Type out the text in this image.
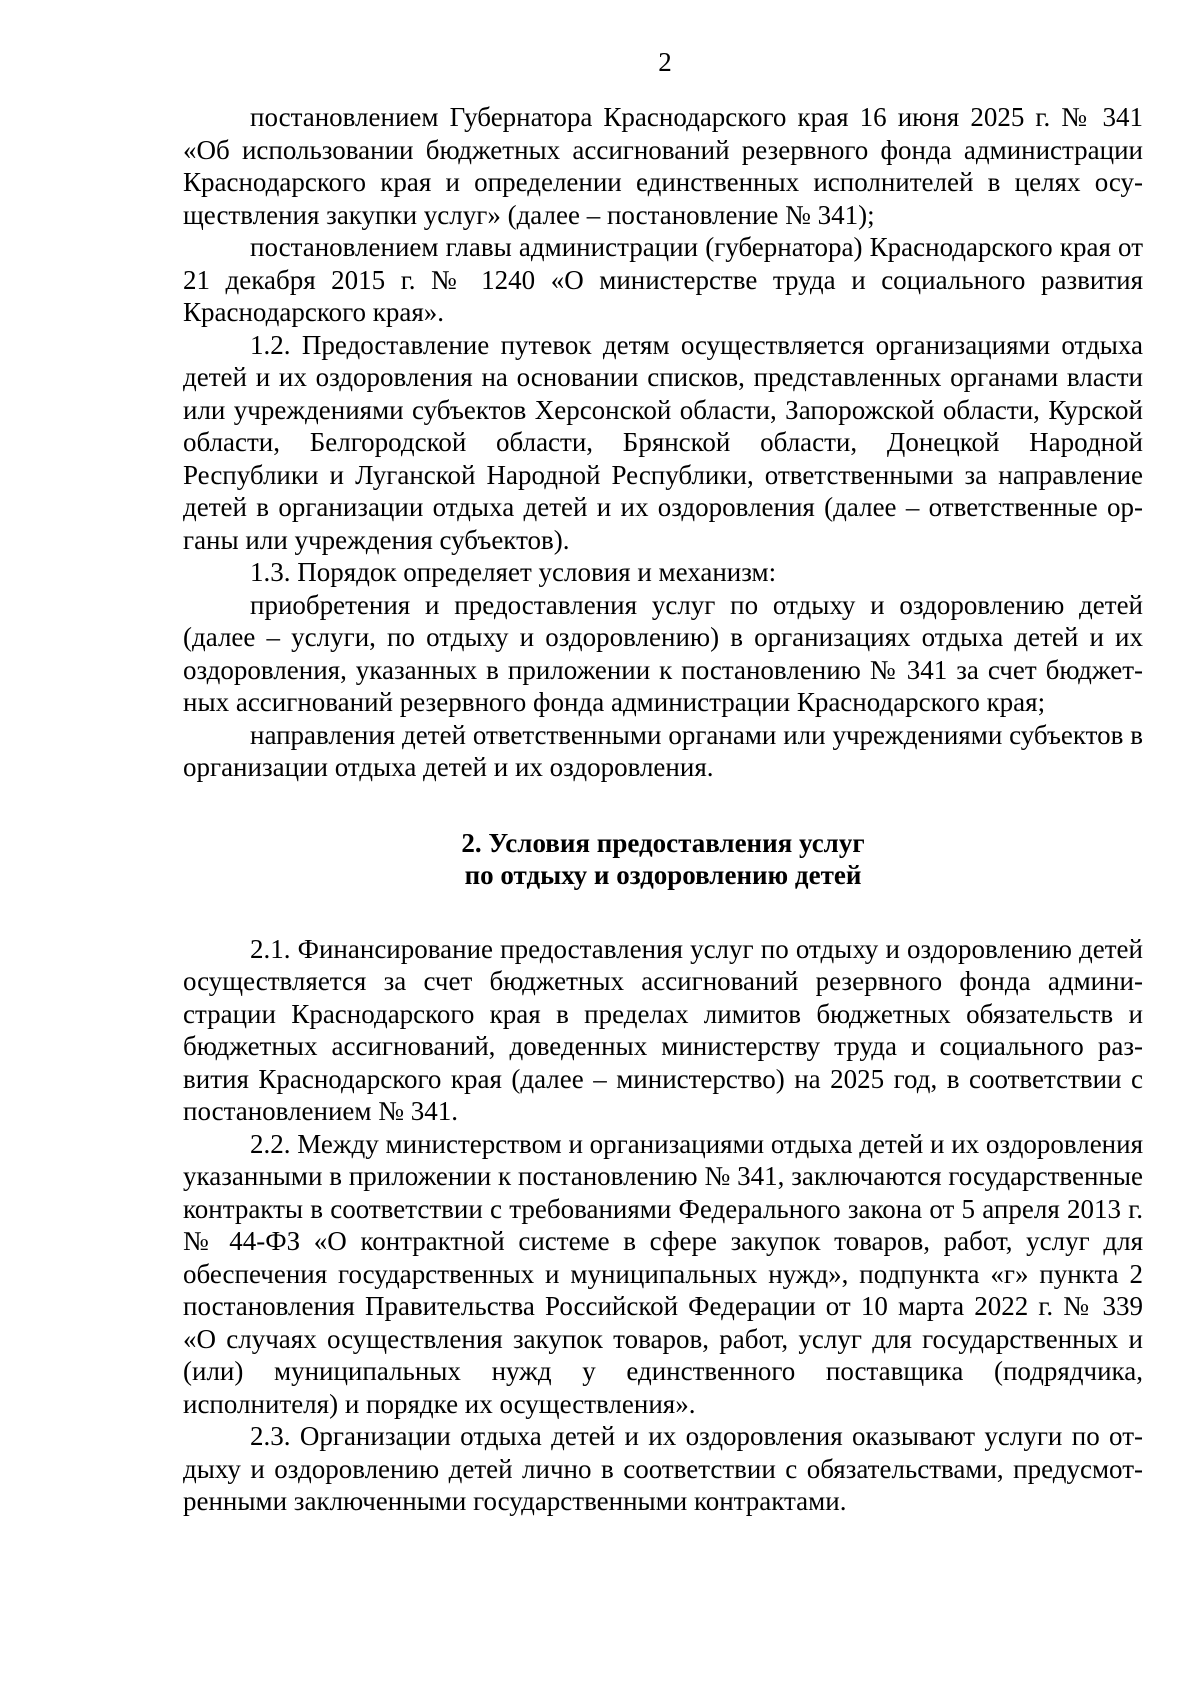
2

постановлением Губернатора Краснодарского края 16 июня 2025 г. № 341 «Об использовании бюджетных ассигнований резервного фонда администрации Краснодарского края и определении единственных исполнителей в целях осуществления закупки услуг» (далее – постановление № 341);

постановлением главы администрации (губернатора) Краснодарского края от 21 декабря 2015 г. № 1240 «О министерстве труда и социального развития Краснодарского края».

1.2. Предоставление путевок детям осуществляется организациями отдыха детей и их оздоровления на основании списков, представленных органами власти или учреждениями субъектов Херсонской области, Запорожской области, Курской области, Белгородской области, Брянской области, Донецкой Народной Республики и Луганской Народной Республики, ответственными за направление детей в организации отдыха детей и их оздоровления (далее – ответственные органы или учреждения субъектов).

1.3. Порядок определяет условия и механизм:

приобретения и предоставления услуг по отдыху и оздоровлению детей (далее – услуги, по отдыху и оздоровлению) в организациях отдыха детей и их оздоровления, указанных в приложении к постановлению № 341 за счет бюджетных ассигнований резервного фонда администрации Краснодарского края;

направления детей ответственными органами или учреждениями субъектов в организации отдыха детей и их оздоровления.

2. Условия предоставления услуг
по отдыху и оздоровлению детей

2.1. Финансирование предоставления услуг по отдыху и оздоровлению детей осуществляется за счет бюджетных ассигнований резервного фонда администрации Краснодарского края в пределах лимитов бюджетных обязательств и бюджетных ассигнований, доведенных министерству труда и социального развития Краснодарского края (далее – министерство) на 2025 год, в соответствии с постановлением № 341.

2.2. Между министерством и организациями отдыха детей и их оздоровления указанными в приложении к постановлению № 341, заключаются государственные контракты в соответствии с требованиями Федерального закона от 5 апреля 2013 г. № 44-ФЗ «О контрактной системе в сфере закупок товаров, работ, услуг для обеспечения государственных и муниципальных нужд», подпункта «г» пункта 2 постановления Правительства Российской Федерации от 10 марта 2022 г. № 339 «О случаях осуществления закупок товаров, работ, услуг для государственных и (или) муниципальных нужд у единственного поставщика (подрядчика, исполнителя) и порядке их осуществления».

2.3. Организации отдыха детей и их оздоровления оказывают услуги по отдыху и оздоровлению детей лично в соответствии с обязательствами, предусмотренными заключенными государственными контрактами.
